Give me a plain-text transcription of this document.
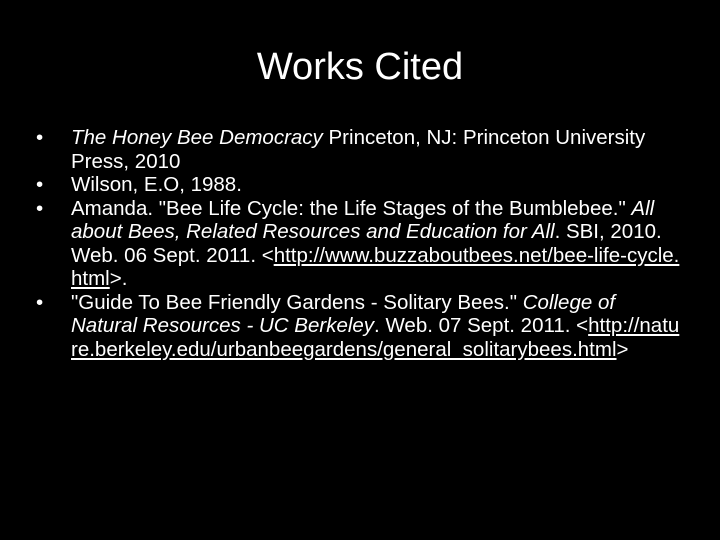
Works Cited
•	The Honey Bee Democracy Princeton, NJ: Princeton University Press, 2010
•	Wilson, E.O, 1988.
•	Amanda. "Bee Life Cycle: the Life Stages of the Bumblebee." All about Bees, Related Resources and Education for All. SBI, 2010. Web. 06 Sept. 2011. <http://www.buzzaboutbees.net/bee-life-cycle.html>.
•	"Guide To Bee Friendly Gardens - Solitary Bees." College of Natural Resources - UC Berkeley. Web. 07 Sept. 2011. <http://nature.berkeley.edu/urbanbeegardens/general_solitarybees.html>
